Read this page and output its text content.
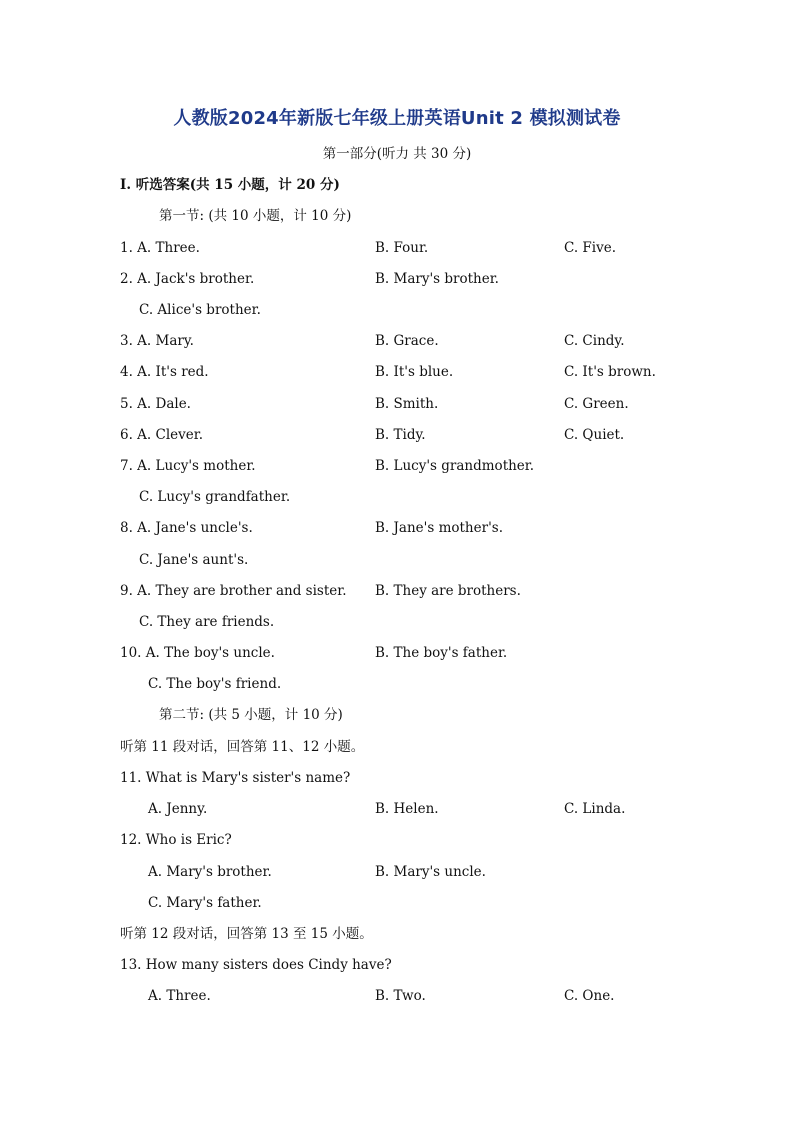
人教版2024年新版七年级上册英语Unit 2 模拟测试卷
第一部分(听力 共 30 分)
Ⅰ. 听选答案(共 15 小题，计 20 分)
第一节: (共 10 小题，计 10 分)
1. A. Three.	B. Four.	C. Five.
2. A. Jack's brother.	B. Mary's brother.
C. Alice's brother.
3. A. Mary.	B. Grace.	C. Cindy.
4. A. It's red.	B. It's blue.	C. It's brown.
5. A. Dale.	B. Smith.	C. Green.
6. A. Clever.	B. Tidy.	C. Quiet.
7. A. Lucy's mother.	B. Lucy's grandmother.
C. Lucy's grandfather.
8. A. Jane's uncle's.	B. Jane's mother's.
C. Jane's aunt's.
9. A. They are brother and sister. B. They are brothers.
C. They are friends.
10. A. The boy's uncle.	B. The boy's father.
C. The boy's friend.
第二节: (共 5 小题，计 10 分)
听第 11 段对话，回答第 11、12 小题。
11. What is Mary's sister's name?
A. Jenny.	B. Helen.	C. Linda.
12. Who is Eric?
A. Mary's brother.	B. Mary's uncle.
C. Mary's father.
听第 12 段对话，回答第 13 至 15 小题。
13. How many sisters does Cindy have?
A. Three.	B. Two.	C. One.
